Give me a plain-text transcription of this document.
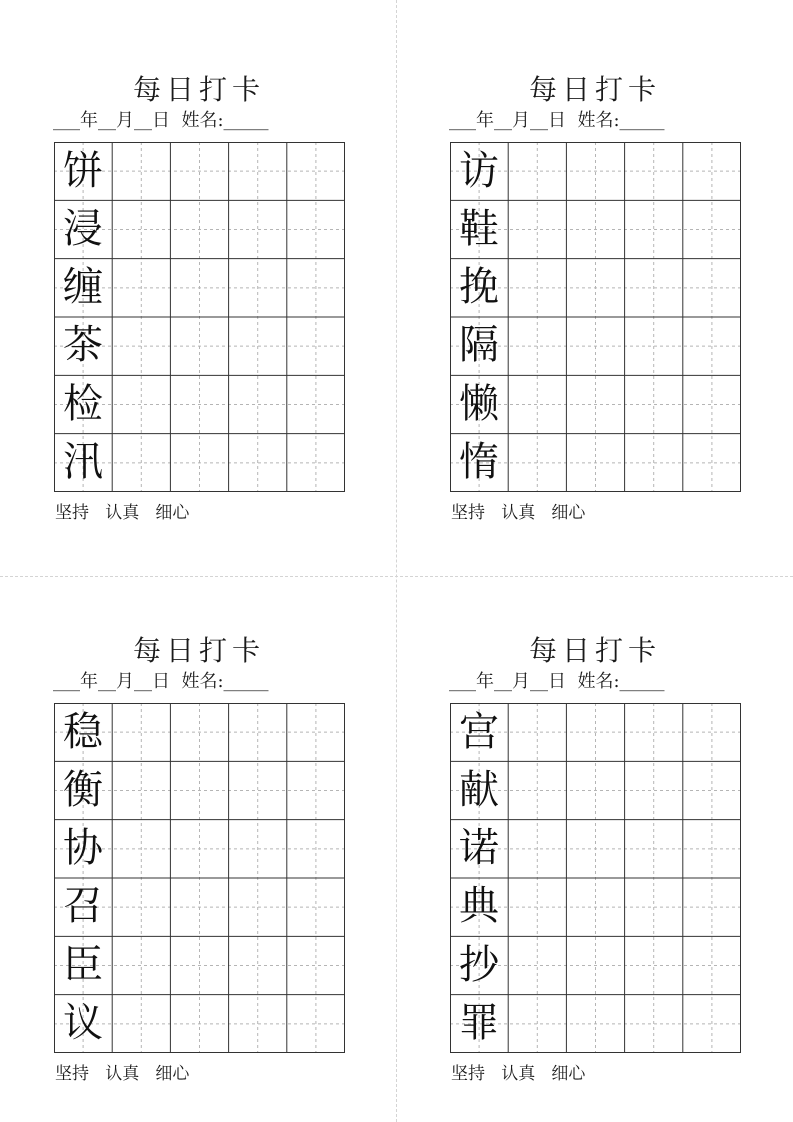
每日打卡
___年__月__日  姓名:_____
饼
浸
缠
茶
检
汛
坚持   认真   细心
每日打卡
___年__月__日  姓名:_____
访
鞋
挽
隔
懒
惰
坚持   认真   细心
每日打卡
___年__月__日  姓名:_____
稳
衡
协
召
臣
议
坚持   认真   细心
每日打卡
___年__月__日  姓名:_____
宫
献
诺
典
抄
罪
坚持   认真   细心
